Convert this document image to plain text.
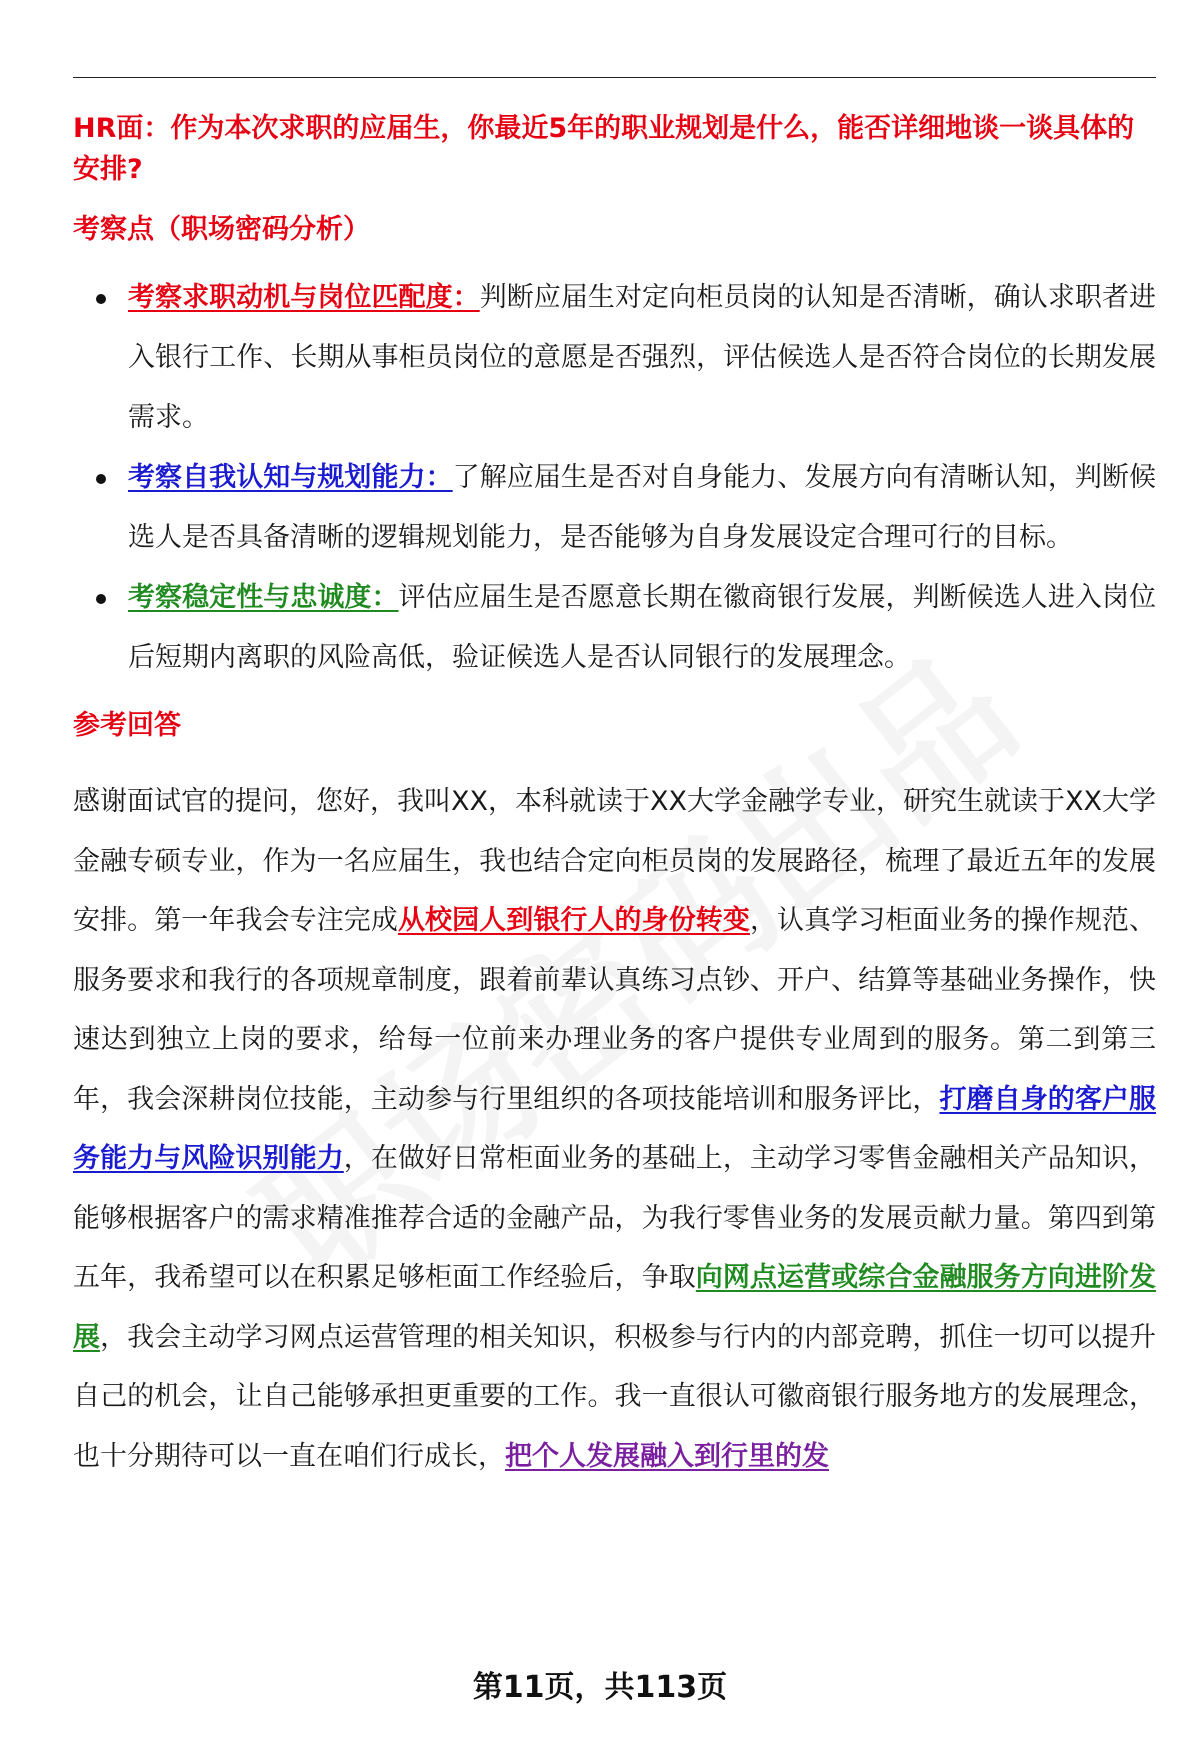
HR面：作为本次求职的应届生，你最近5年的职业规划是什么，能否详细地谈一谈具体的安排?

考察点（职场密码分析）
考察求职动机与岗位匹配度：判断应届生对定向柜员岗的认知是否清晰，确认求职者进入银行工作、长期从事柜员岗位的意愿是否强烈，评估候选人是否符合岗位的长期发展需求。
考察自我认知与规划能力：了解应届生是否对自身能力、发展方向有清晰认知，判断候选人是否具备清晰的逻辑规划能力，是否能够为自身发展设定合理可行的目标。
考察稳定性与忠诚度：评估应届生是否愿意长期在徽商银行发展，判断候选人进入岗位后短期内离职的风险高低，验证候选人是否认同银行的发展理念。
参考回答

感谢面试官的提问，您好，我叫XX，本科就读于XX大学金融学专业，研究生就读于XX大学金融专硕专业，作为一名应届生，我也结合定向柜员岗的发展路径，梳理了最近五年的发展安排。第一年我会专注完成从校园人到银行人的身份转变，认真学习柜面业务的操作规范、服务要求和我行的各项规章制度，跟着前辈认真练习点钞、开户、结算等基础业务操作，快速达到独立上岗的要求，给每一位前来办理业务的客户提供专业周到的服务。第二到第三年，我会深耕岗位技能，主动参与行里组织的各项技能培训和服务评比，打磨自身的客户服务能力与风险识别能力，在做好日常柜面业务的基础上，主动学习零售金融相关产品知识，能够根据客户的需求精准推荐合适的金融产品，为我行零售业务的发展贡献力量。第四到第五年，我希望可以在积累足够柜面工作经验后，争取向网点运营或综合金融服务方向进阶发展，我会主动学习网点运营管理的相关知识，积极参与行内的内部竞聘，抓住一切可以提升自己的机会，让自己能够承担更重要的工作。我一直很认可徽商银行服务地方的发展理念，也十分期待可以一直在咱们行成长，把个人发展融入到行里的发

第11页，共113页
